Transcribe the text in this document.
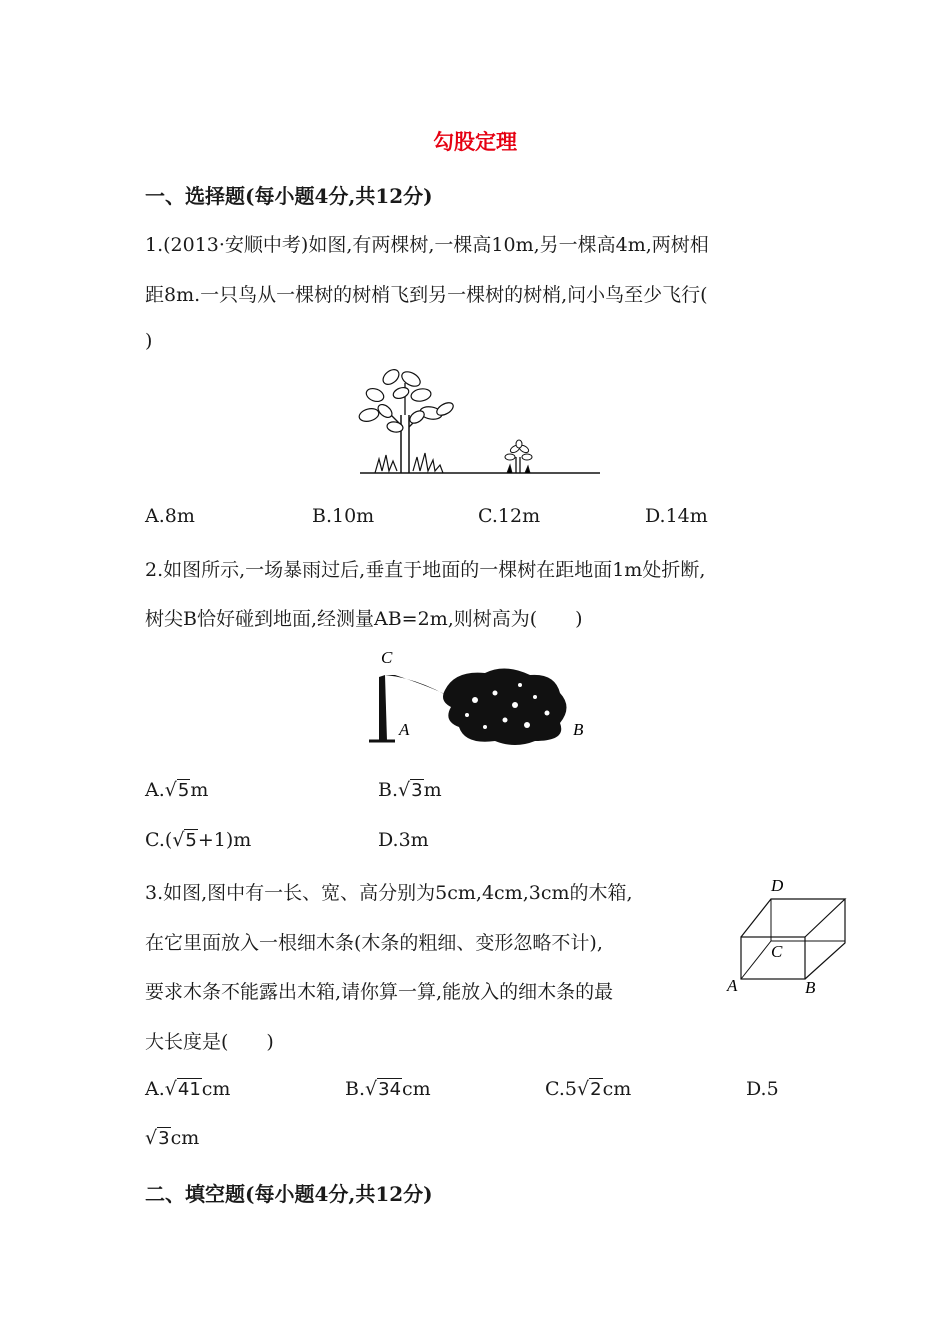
勾股定理
一、选择题(每小题4分,共12分)
1.(2013·安顺中考)如图,有两棵树,一棵高10m,另一棵高4m,两树相
距8m.一只鸟从一棵树的树梢飞到另一棵树的树梢,问小鸟至少飞行(
)
A.8m	B.10m	C.12m	D.14m
2.如图所示,一场暴雨过后,垂直于地面的一棵树在距地面1m处折断,
树尖B恰好碰到地面,经测量AB=2m,则树高为(　　)
C
A	B
A.√5m	B.√3m
C.(√5+1)m	D.3m
3.如图,图中有一长、宽、高分别为5cm,4cm,3cm的木箱,
在它里面放入一根细木条(木条的粗细、变形忽略不计),
要求木条不能露出木箱,请你算一算,能放入的细木条的最
大长度是(　　)
D
C
A	B
A.√41cm	B.√34cm	C.5√2cm	D.5
√3cm
二、填空题(每小题4分,共12分)
